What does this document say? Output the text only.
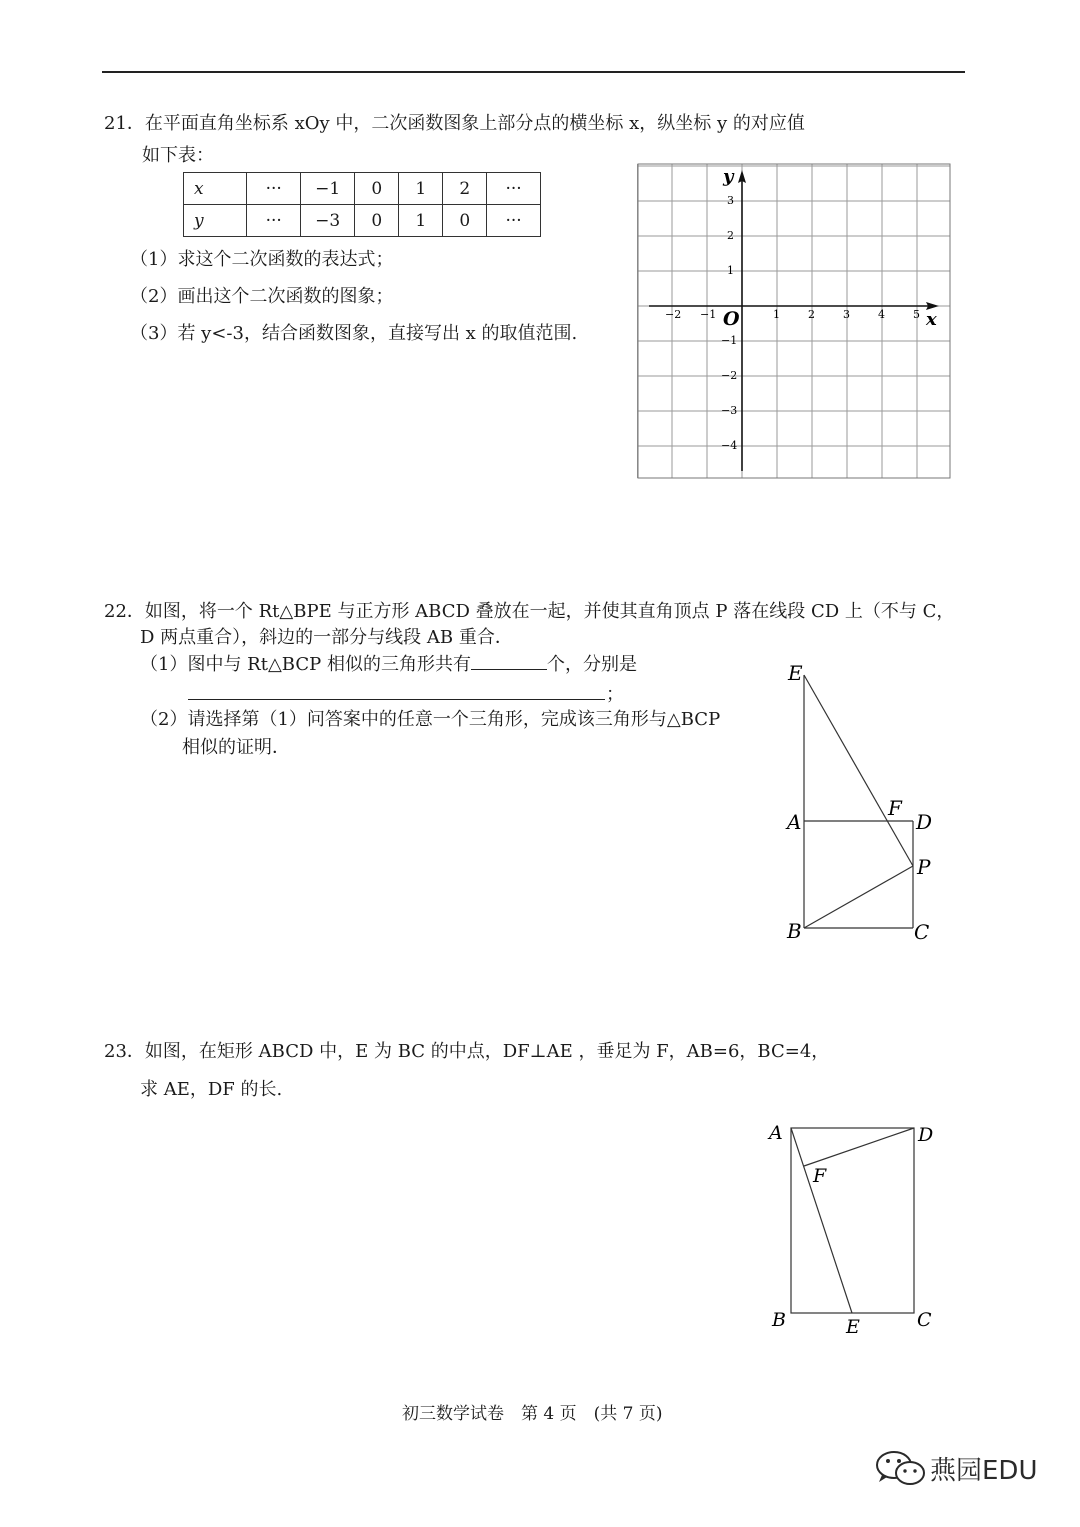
21．在平面直角坐标系 xOy 中，二次函数图象上部分点的横坐标 x，纵坐标 y 的对应值
如下表：
x	···	−1	0	1	2	···
y	···	−3	0	1	0	···
（1）求这个二次函数的表达式；
（2）画出这个二次函数的图象；
（3）若 y<-3，结合函数图象，直接写出 x 的取值范围.
y
x
O
−2 −1	1	2	3	4	5
3
2
1
−1
−2
−3
−4
22．如图，将一个 Rt△BPE 与正方形 ABCD 叠放在一起，并使其直角顶点 P 落在线段 CD 上（不与 C，
D 两点重合），斜边的一部分与线段 AB 重合．
（1）图中与 Rt△BCP 相似的三角形共有	个，分别是
；
（2）请选择第（1）问答案中的任意一个三角形，完成该三角形与△BCP
相似的证明．
E
A
F
D
P
B	C
23．如图，在矩形 ABCD 中，E 为 BC 的中点，DF⊥AE ，垂足为 F，AB=6，BC=4，
求 AE，DF 的长.
A	D
F
B	E	C
初三数学试卷　第 4 页　(共 7 页)
燕园EDU
